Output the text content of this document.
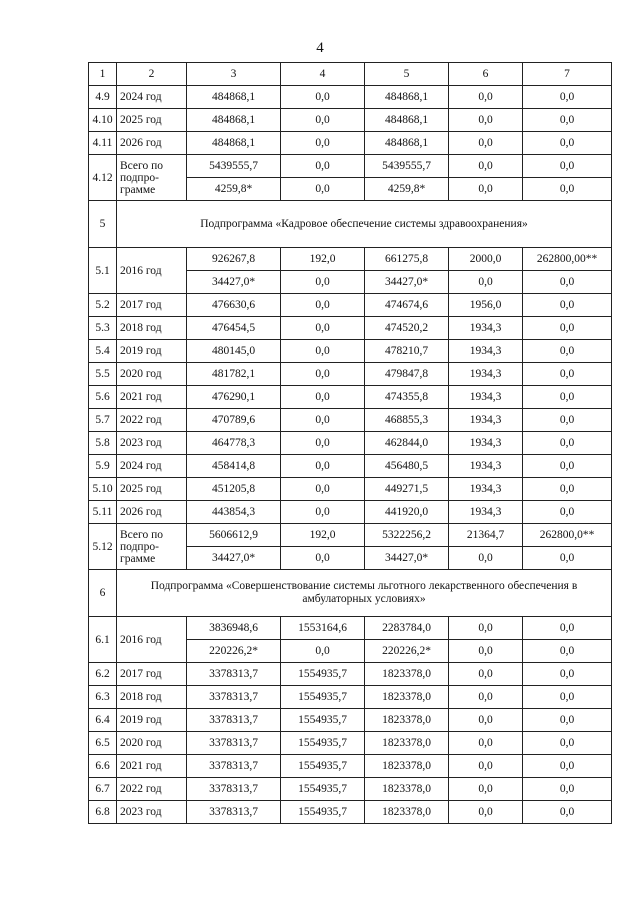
4
1	2	3	4	5	6	7
4.9	2024 год	484868,1	0,0	484868,1	0,0	0,0
4.10	2025 год	484868,1	0,0	484868,1	0,0	0,0
4.11	2026 год	484868,1	0,0	484868,1	0,0	0,0
4.12	Всего по подпро-грамме	5439555,7	0,0	5439555,7	0,0	0,0
		4259,8*	0,0	4259,8*	0,0	0,0
5	Подпрограмма «Кадровое обеспечение системы здравоохранения»					
5.1	2016 год	926267,8	192,0	661275,8	2000,0	262800,00**
		34427,0*	0,0	34427,0*	0,0	0,0
5.2	2017 год	476630,6	0,0	474674,6	1956,0	0,0
5.3	2018 год	476454,5	0,0	474520,2	1934,3	0,0
5.4	2019 год	480145,0	0,0	478210,7	1934,3	0,0
5.5	2020 год	481782,1	0,0	479847,8	1934,3	0,0
5.6	2021 год	476290,1	0,0	474355,8	1934,3	0,0
5.7	2022 год	470789,6	0,0	468855,3	1934,3	0,0
5.8	2023 год	464778,3	0,0	462844,0	1934,3	0,0
5.9	2024 год	458414,8	0,0	456480,5	1934,3	0,0
5.10	2025 год	451205,8	0,0	449271,5	1934,3	0,0
5.11	2026 год	443854,3	0,0	441920,0	1934,3	0,0
5.12	Всего по подпро-грамме	5606612,9	192,0	5322256,2	21364,7	262800,0**
		34427,0*	0,0	34427,0*	0,0	0,0
6	Подпрограмма «Совершенствование системы льготного лекарственного обеспечения в амбулаторных условиях»					
6.1	2016 год	3836948,6	1553164,6	2283784,0	0,0	0,0
		220226,2*	0,0	220226,2*	0,0	0,0
6.2	2017 год	3378313,7	1554935,7	1823378,0	0,0	0,0
6.3	2018 год	3378313,7	1554935,7	1823378,0	0,0	0,0
6.4	2019 год	3378313,7	1554935,7	1823378,0	0,0	0,0
6.5	2020 год	3378313,7	1554935,7	1823378,0	0,0	0,0
6.6	2021 год	3378313,7	1554935,7	1823378,0	0,0	0,0
6.7	2022 год	3378313,7	1554935,7	1823378,0	0,0	0,0
6.8	2023 год	3378313,7	1554935,7	1823378,0	0,0	0,0
